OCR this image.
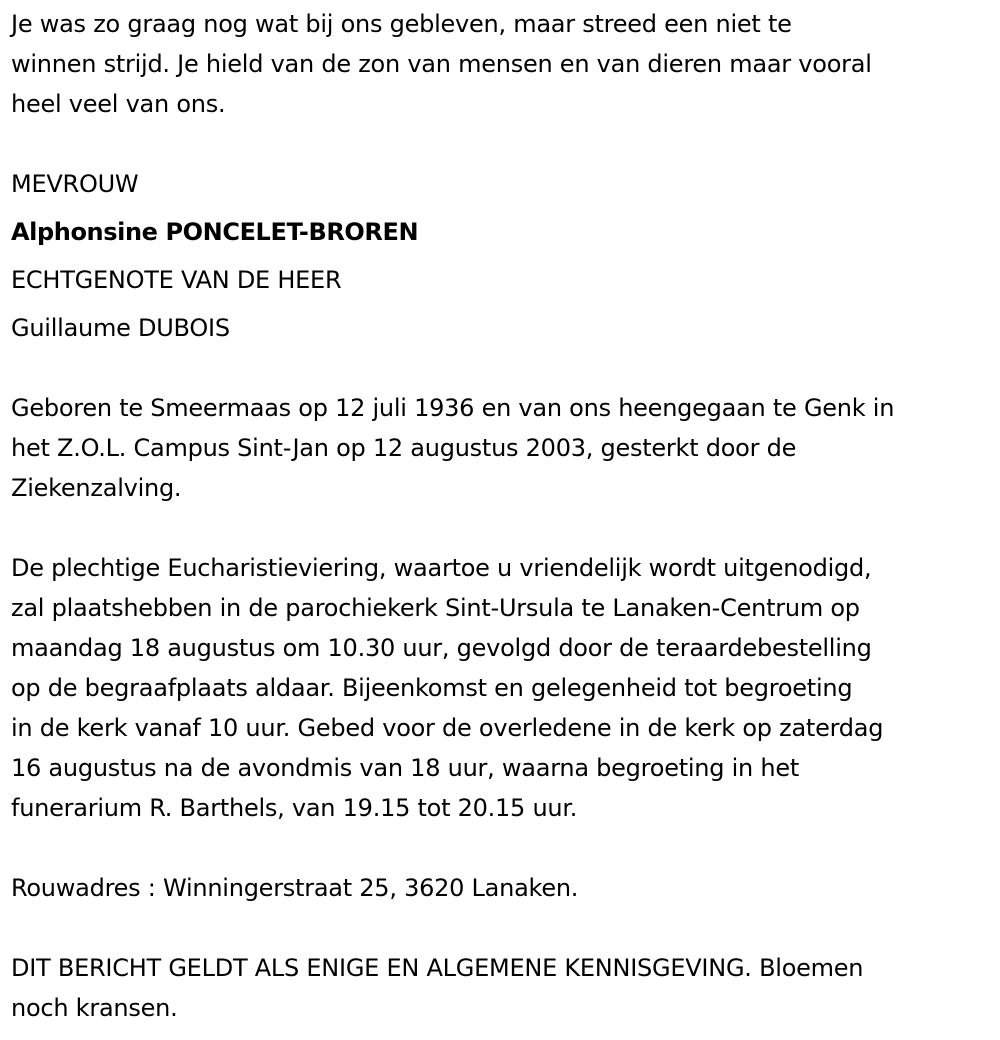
Je was zo graag nog wat bij ons gebleven, maar streed een niet te
winnen strijd. Je hield van de zon van mensen en van dieren maar vooral
heel veel van ons.

MEVROUW

Alphonsine PONCELET-BROREN

ECHTGENOTE VAN DE HEER

Guillaume DUBOIS

Geboren te Smeermaas op 12 juli 1936 en van ons heengegaan te Genk in
het Z.O.L. Campus Sint-Jan op 12 augustus 2003, gesterkt door de
Ziekenzalving.

De plechtige Eucharistieviering, waartoe u vriendelijk wordt uitgenodigd,
zal plaatshebben in de parochiekerk Sint-Ursula te Lanaken-Centrum op
maandag 18 augustus om 10.30 uur, gevolgd door de teraardebestelling
op de begraafplaats aldaar. Bijeenkomst en gelegenheid tot begroeting
in de kerk vanaf 10 uur. Gebed voor de overledene in de kerk op zaterdag
16 augustus na de avondmis van 18 uur, waarna begroeting in het
funerarium R. Barthels, van 19.15 tot 20.15 uur.

Rouwadres : Winningerstraat 25, 3620 Lanaken.

DIT BERICHT GELDT ALS ENIGE EN ALGEMENE KENNISGEVING. Bloemen
noch kransen.
